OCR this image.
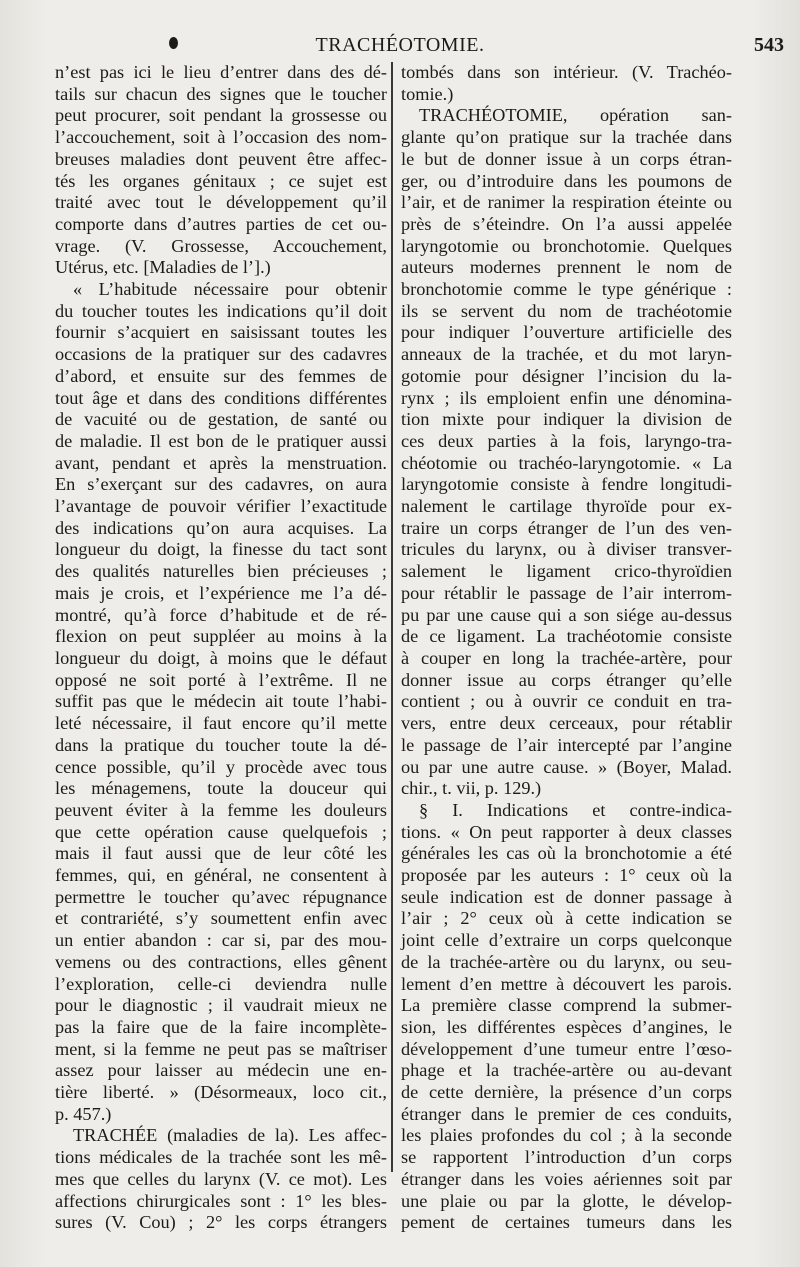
TRACHÉOTOMIE.	543
n’est pas ici le lieu d’entrer dans des dé-
tails sur chacun des signes que le toucher
peut procurer, soit pendant la grossesse ou
l’accouchement, soit à l’occasion des nom-
breuses maladies dont peuvent être affec-
tés les organes génitaux ; ce sujet est
traité avec tout le développement qu’il
comporte dans d’autres parties de cet ou-
vrage. (V. Grossesse, Accouchement,
Utérus, etc. [Maladies de l’].)
« L’habitude nécessaire pour obtenir
du toucher toutes les indications qu’il doit
fournir s’acquiert en saisissant toutes les
occasions de la pratiquer sur des cadavres
d’abord, et ensuite sur des femmes de
tout âge et dans des conditions différentes
de vacuité ou de gestation, de santé ou
de maladie. Il est bon de le pratiquer aussi
avant, pendant et après la menstruation.
En s’exerçant sur des cadavres, on aura
l’avantage de pouvoir vérifier l’exactitude
des indications qu’on aura acquises. La
longueur du doigt, la finesse du tact sont
des qualités naturelles bien précieuses ;
mais je crois, et l’expérience me l’a dé-
montré, qu’à force d’habitude et de ré-
flexion on peut suppléer au moins à la
longueur du doigt, à moins que le défaut
opposé ne soit porté à l’extrême. Il ne
suffit pas que le médecin ait toute l’habi-
leté nécessaire, il faut encore qu’il mette
dans la pratique du toucher toute la dé-
cence possible, qu’il y procède avec tous
les ménagemens, toute la douceur qui
peuvent éviter à la femme les douleurs
que cette opération cause quelquefois ;
mais il faut aussi que de leur côté les
femmes, qui, en général, ne consentent à
permettre le toucher qu’avec répugnance
et contrariété, s’y soumettent enfin avec
un entier abandon : car si, par des mou-
vemens ou des contractions, elles gênent
l’exploration, celle-ci deviendra nulle
pour le diagnostic ; il vaudrait mieux ne
pas la faire que de la faire incomplète-
ment, si la femme ne peut pas se maîtriser
assez pour laisser au médecin une en-
tière liberté. » (Désormeaux, loco cit.,
p. 457.)
TRACHÉE (maladies de la). Les affec-
tions médicales de la trachée sont les mê-
mes que celles du larynx (V. ce mot). Les
affections chirurgicales sont : 1° les bles-
sures (V. Cou) ; 2° les corps étrangers
tombés dans son intérieur. (V. Trachéo-
tomie.)
TRACHÉOTOMIE, opération san-
glante qu’on pratique sur la trachée dans
le but de donner issue à un corps étran-
ger, ou d’introduire dans les poumons de
l’air, et de ranimer la respiration éteinte ou
près de s’éteindre. On l’a aussi appelée
laryngotomie ou bronchotomie. Quelques
auteurs modernes prennent le nom de
bronchotomie comme le type générique :
ils se servent du nom de trachéotomie
pour indiquer l’ouverture artificielle des
anneaux de la trachée, et du mot laryn-
gotomie pour désigner l’incision du la-
rynx ; ils emploient enfin une dénomina-
tion mixte pour indiquer la division de
ces deux parties à la fois, laryngo-tra-
chéotomie ou trachéo-laryngotomie. « La
laryngotomie consiste à fendre longitudi-
nalement le cartilage thyroïde pour ex-
traire un corps étranger de l’un des ven-
tricules du larynx, ou à diviser transver-
salement le ligament crico-thyroïdien
pour rétablir le passage de l’air interrom-
pu par une cause qui a son siége au-dessus
de ce ligament. La trachéotomie consiste
à couper en long la trachée-artère, pour
donner issue au corps étranger qu’elle
contient ; ou à ouvrir ce conduit en tra-
vers, entre deux cerceaux, pour rétablir
le passage de l’air intercepté par l’angine
ou par une autre cause. » (Boyer, Malad.
chir., t. vii, p. 129.)
§ I. Indications et contre-indica-
tions. « On peut rapporter à deux classes
générales les cas où la bronchotomie a été
proposée par les auteurs : 1° ceux où la
seule indication est de donner passage à
l’air ; 2° ceux où à cette indication se
joint celle d’extraire un corps quelconque
de la trachée-artère ou du larynx, ou seu-
lement d’en mettre à découvert les parois.
La première classe comprend la submer-
sion, les différentes espèces d’angines, le
développement d’une tumeur entre l’œso-
phage et la trachée-artère ou au-devant
de cette dernière, la présence d’un corps
étranger dans le premier de ces conduits,
les plaies profondes du col ; à la seconde
se rapportent l’introduction d’un corps
étranger dans les voies aériennes soit par
une plaie ou par la glotte, le dévelop-
pement de certaines tumeurs dans les
